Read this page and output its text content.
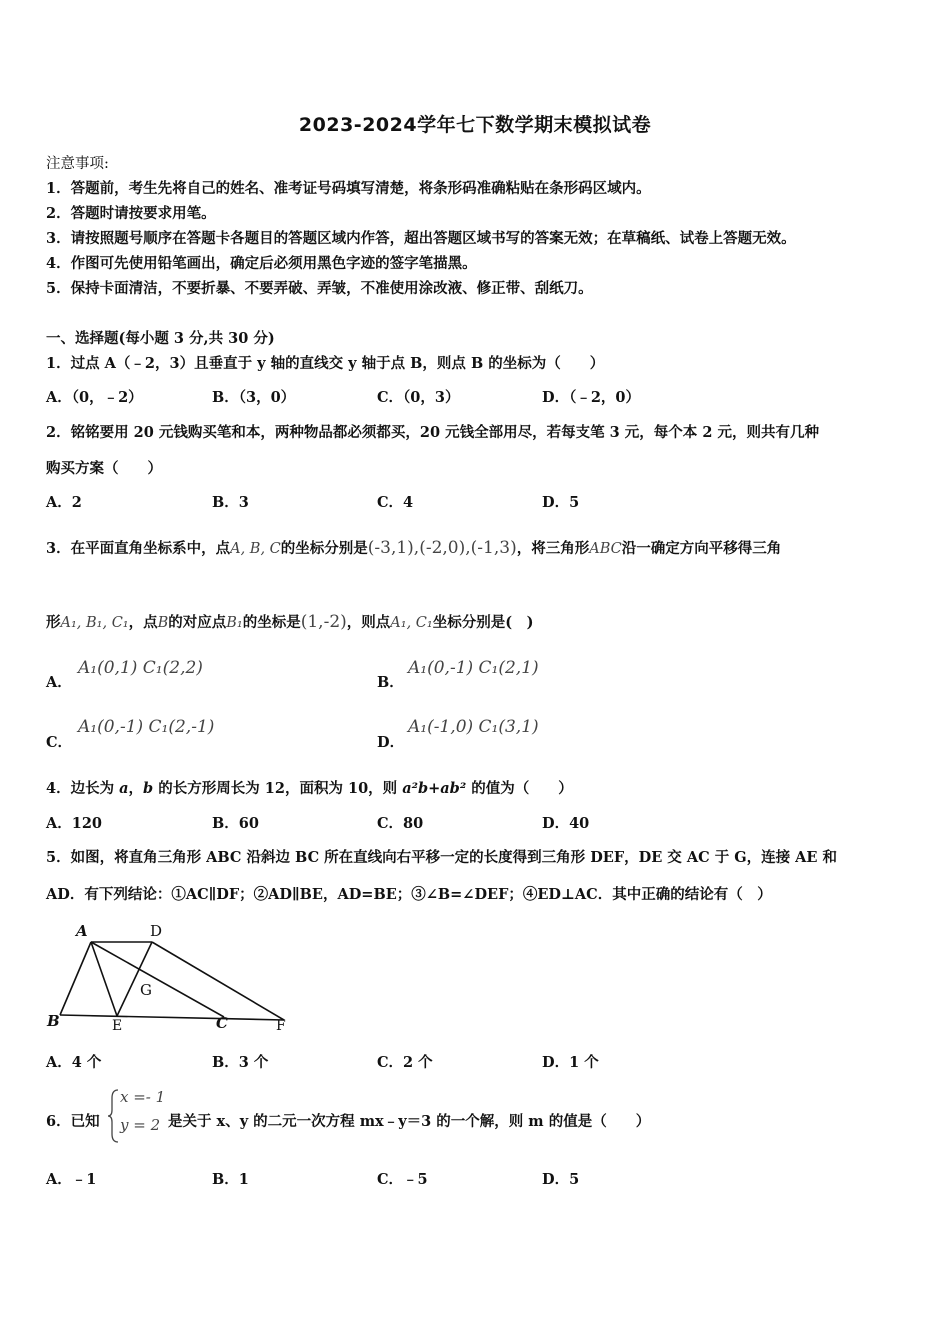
2023-2024学年七下数学期末模拟试卷
注意事项:
1．答题前，考生先将自己的姓名、准考证号码填写清楚，将条形码准确粘贴在条形码区域内。
2．答题时请按要求用笔。
3．请按照题号顺序在答题卡各题目的答题区域内作答，超出答题区域书写的答案无效；在草稿纸、试卷上答题无效。
4．作图可先使用铅笔画出，确定后必须用黑色字迹的签字笔描黑。
5．保持卡面清洁，不要折暴、不要弄破、弄皱，不准使用涂改液、修正带、刮纸刀。
一、选择题(每小题 3 分,共 30 分)
1．过点 A（﹣2，3）且垂直于 y 轴的直线交 y 轴于点 B，则点 B 的坐标为（　　）
A．（0，﹣2）	B．（3，0）	C．（0，3）	D．（﹣2，0）
2．铭铭要用 20 元钱购买笔和本，两种物品都必须都买，20 元钱全部用尽，若每支笔 3 元，每个本 2 元，则共有几种
购买方案（　　）
A．2	B．3	C．4	D．5
3．在平面直角坐标系中，点A, B, C的坐标分别是(-3,1),(-2,0),(-1,3)，将三角形ABC沿一确定方向平移得三角
形A₁, B₁, C₁，点B的对应点B₁的坐标是(1,-2)，则点A₁, C₁坐标分别是(　)
A．
A₁(0,1) C₁(2,2)
B．
A₁(0,-1) C₁(2,1)
C．
A₁(0,-1) C₁(2,-1)
D．
A₁(-1,0) C₁(3,1)
4．边长为 a，b 的长方形周长为 12，面积为 10，则 a²b+ab² 的值为（　　）
A．120	B．60	C．80	D．40
5．如图，将直角三角形 ABC 沿斜边 BC 所在直线向右平移一定的长度得到三角形 DEF，DE 交 AC 于 G，连接 AE 和
AD．有下列结论：①AC∥DF；②AD∥BE，AD=BE；③∠B=∠DEF；④ED⊥AC．其中正确的结论有（　）
A	D
G
B	E	C	F
A．4 个	B．3 个	C．2 个	D．1 个
6．已知
x =- 1
y = 2 是关于 x、y 的二元一次方程 mx﹣y＝3 的一个解，则 m 的值是（　　）
A．﹣1	B．1	C．﹣5	D．5
